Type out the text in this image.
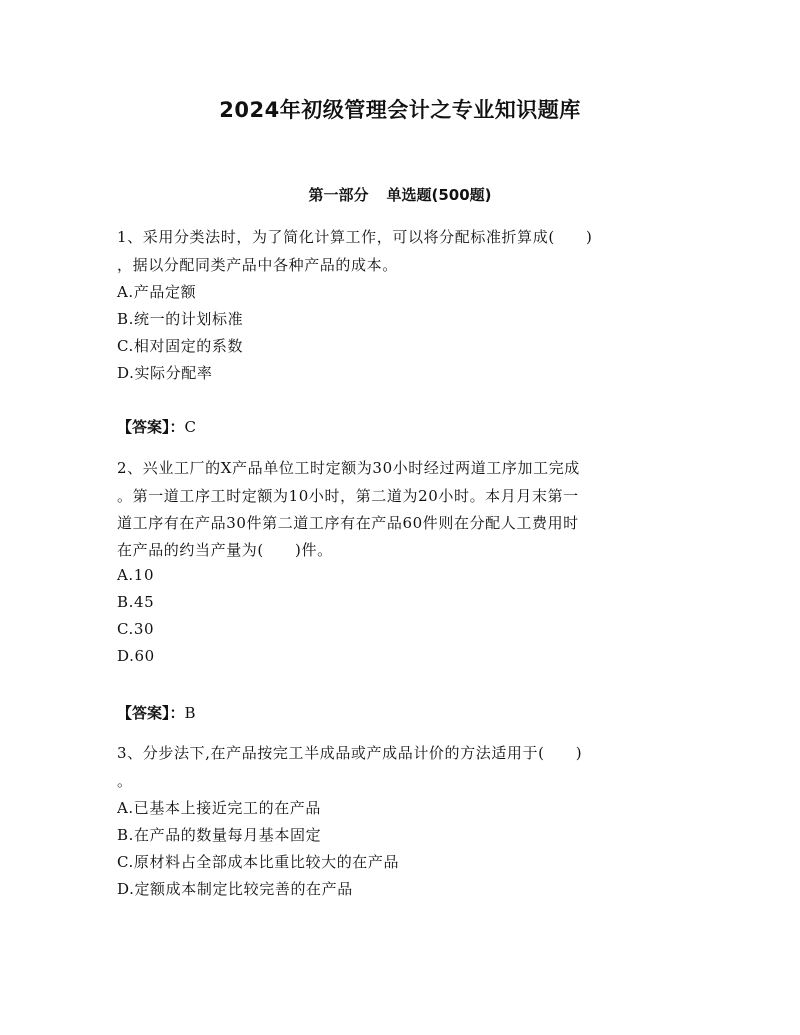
2024年初级管理会计之专业知识题库
第一部分 单选题(500题)
1、采用分类法时，为了简化计算工作，可以将分配标准折算成(　　)
，据以分配同类产品中各种产品的成本。
A.产品定额
B.统一的计划标准
C.相对固定的系数
D.实际分配率
【答案】：C
2、兴业工厂的X产品单位工时定额为30小时经过两道工序加工完成
。第一道工序工时定额为10小时，第二道为20小时。本月月末第一
道工序有在产品30件第二道工序有在产品60件则在分配人工费用时
在产品的约当产量为(　　)件。
A.10
B.45
C.30
D.60
【答案】：B
3、分步法下,在产品按完工半成品或产成品计价的方法适用于(　　)
。
A.已基本上接近完工的在产品
B.在产品的数量每月基本固定
C.原材料占全部成本比重比较大的在产品
D.定额成本制定比较完善的在产品
